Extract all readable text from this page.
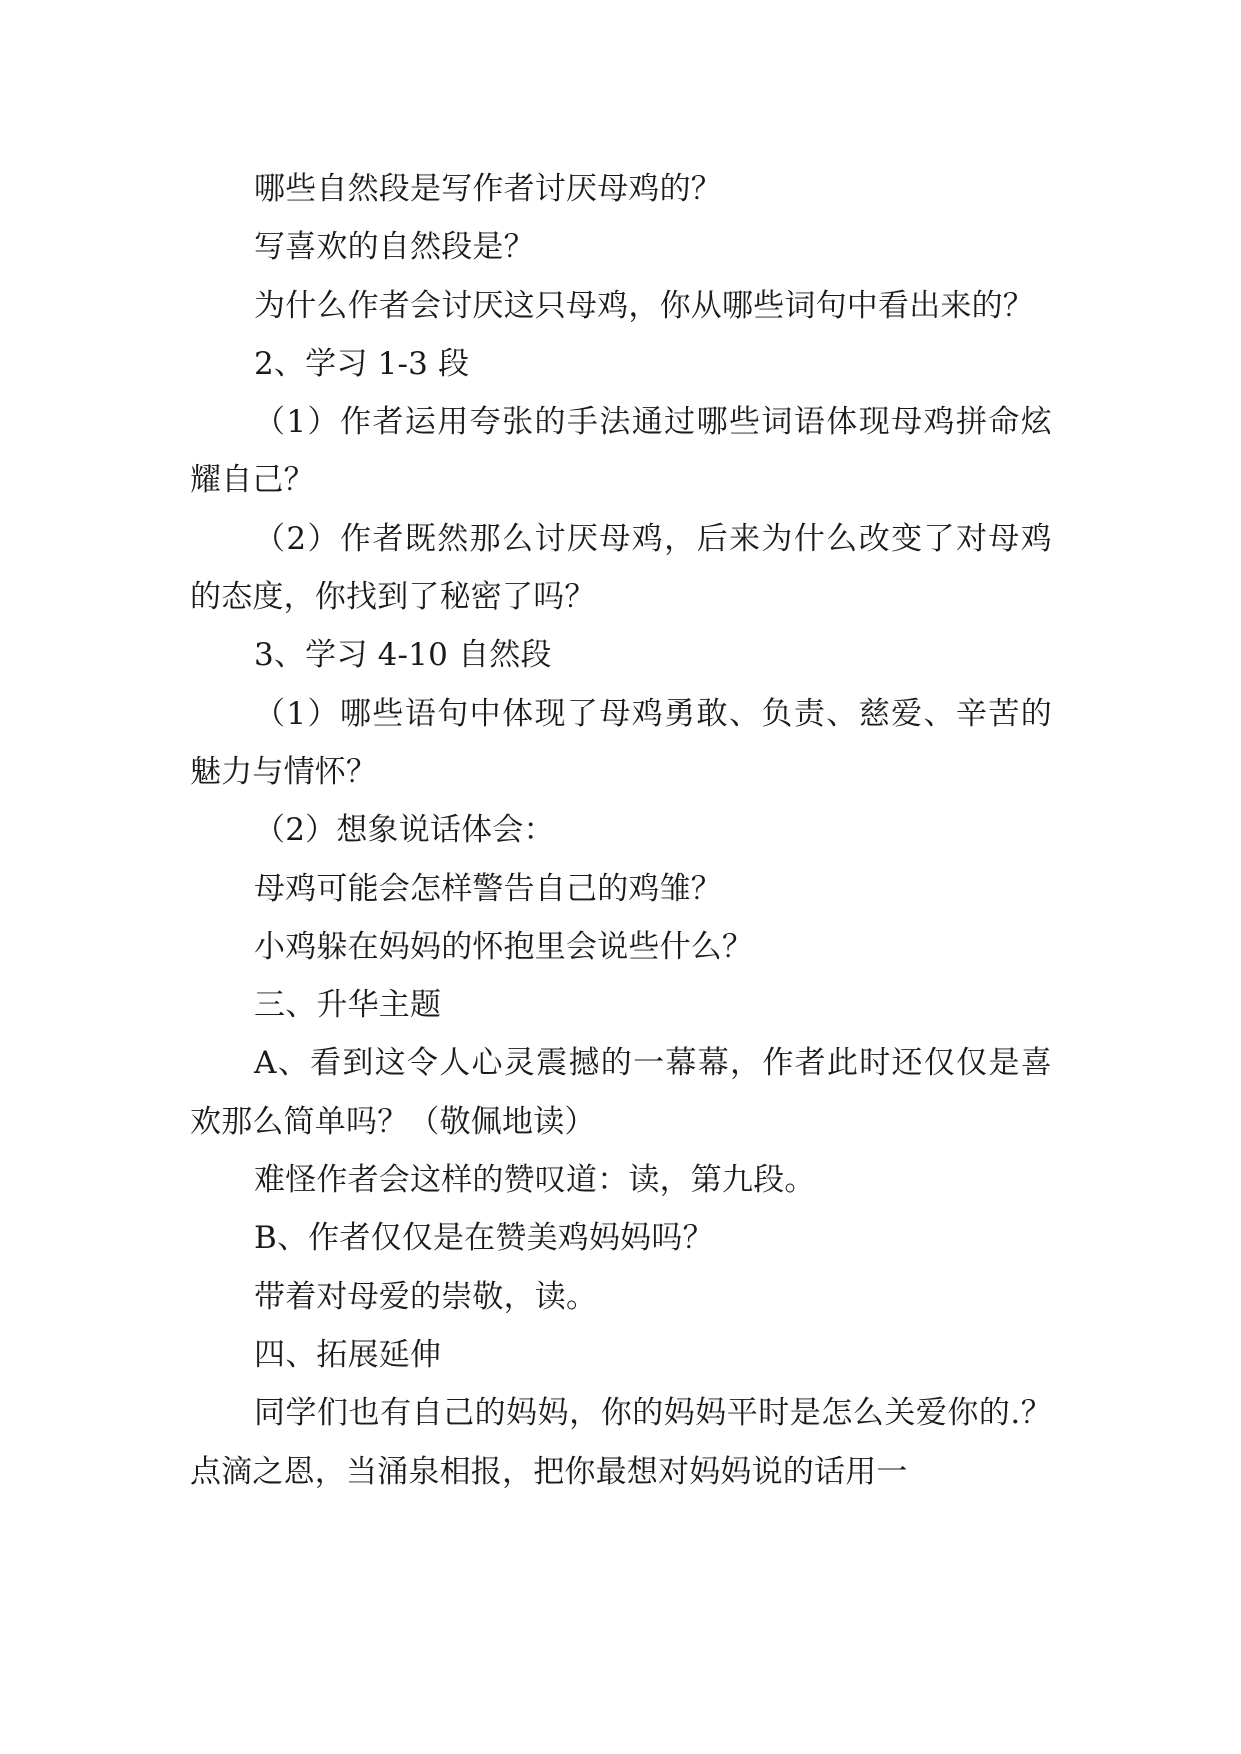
哪些自然段是写作者讨厌母鸡的？

写喜欢的自然段是？

为什么作者会讨厌这只母鸡，你从哪些词句中看出来的？

2、学习 1-3 段

（1）作者运用夸张的手法通过哪些词语体现母鸡拼命炫耀自己？

（2）作者既然那么讨厌母鸡，后来为什么改变了对母鸡的态度，你找到了秘密了吗？

3、学习 4-10 自然段

（1）哪些语句中体现了母鸡勇敢、负责、慈爱、辛苦的魅力与情怀？

（2）想象说话体会：

母鸡可能会怎样警告自己的鸡雏？

小鸡躲在妈妈的怀抱里会说些什么？

三、升华主题

A、看到这令人心灵震撼的一幕幕，作者此时还仅仅是喜欢那么简单吗？（敬佩地读）

难怪作者会这样的赞叹道：读，第九段。

B、作者仅仅是在赞美鸡妈妈吗？

带着对母爱的崇敬，读。

四、拓展延伸

同学们也有自己的妈妈，你的妈妈平时是怎么关爱你的.？点滴之恩，当涌泉相报，把你最想对妈妈说的话用一
